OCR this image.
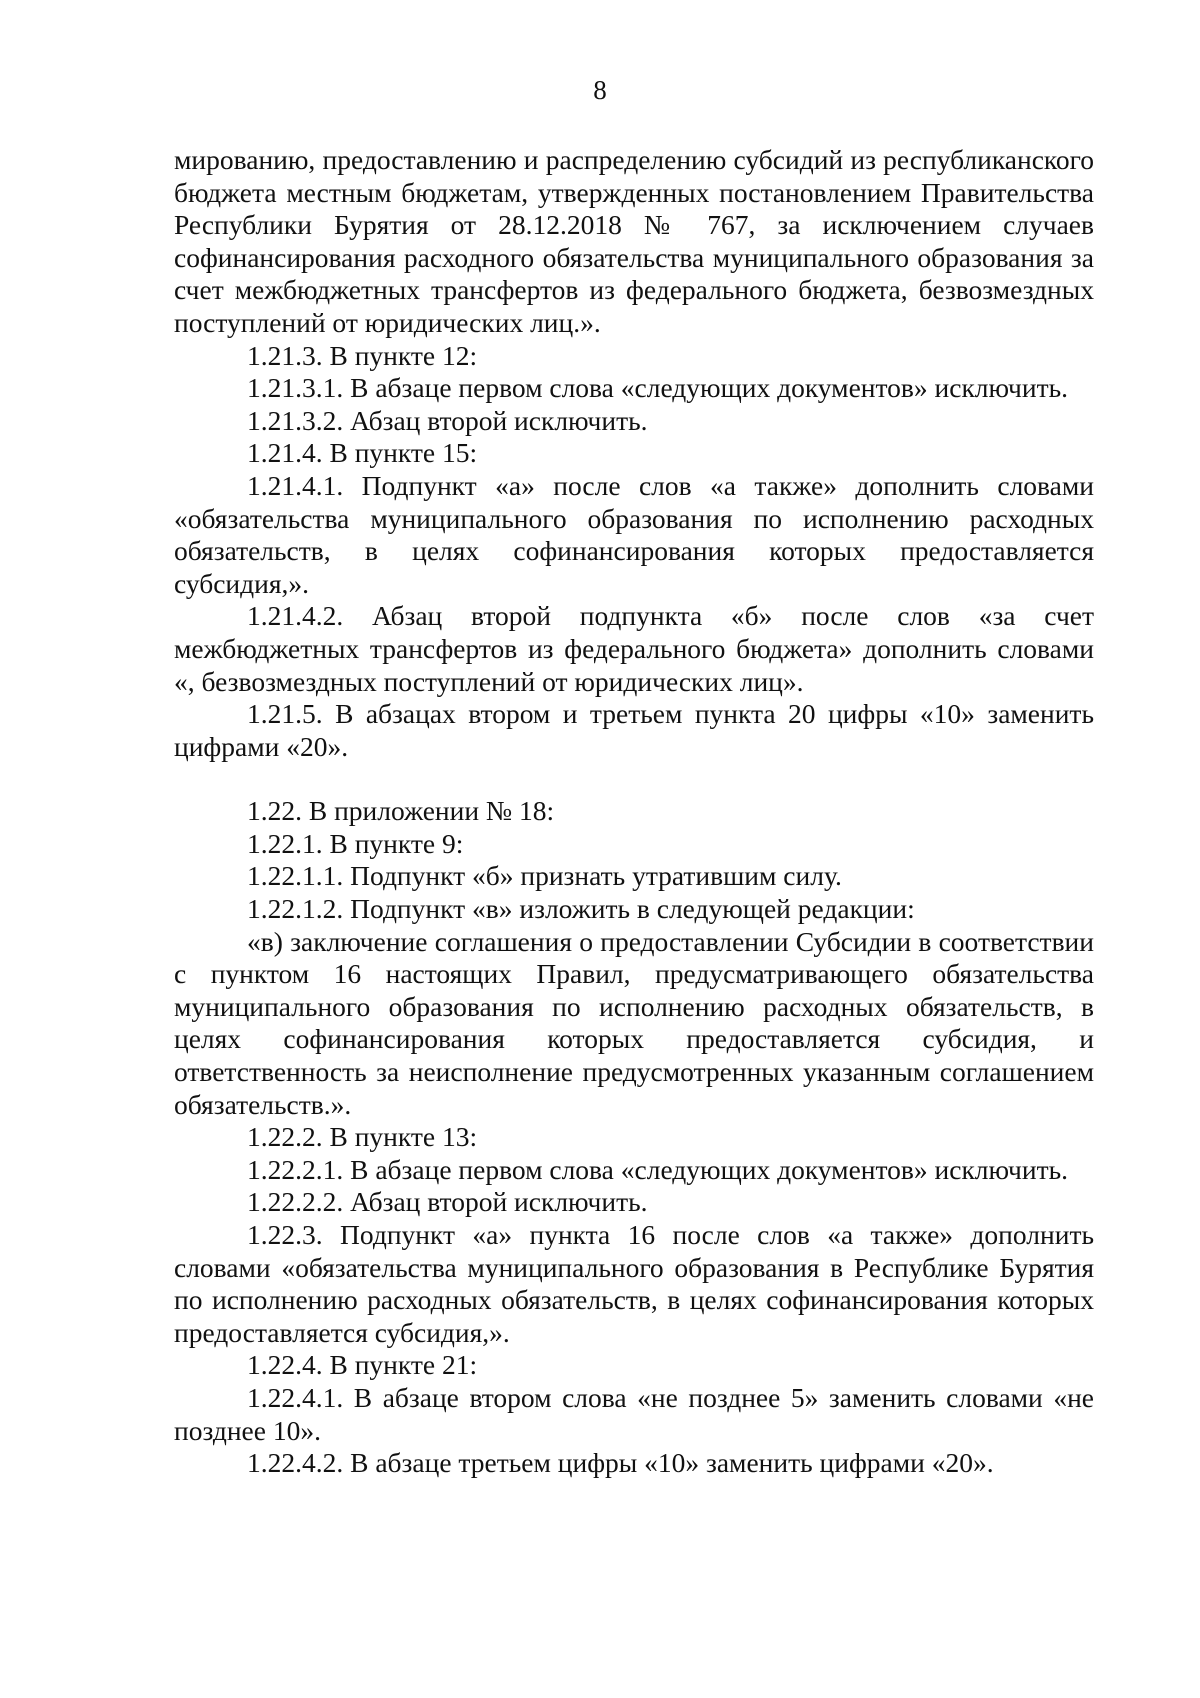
8

мированию, предоставлению и распределению субсидий из республиканского бюджета местным бюджетам, утвержденных постановлением Правительства Республики Бурятия от 28.12.2018 № 767, за исключением случаев софинансирования расходного обязательства муниципального образования за счет межбюджетных трансфертов из федерального бюджета, безвозмездных поступлений от юридических лиц.».

1.21.3. В пункте 12:

1.21.3.1. В абзаце первом слова «следующих документов» исключить.

1.21.3.2. Абзац второй исключить.

1.21.4. В пункте 15:

1.21.4.1. Подпункт «а» после слов «а также» дополнить словами «обязательства муниципального образования по исполнению расходных обязательств, в целях софинансирования которых предоставляется субсидия,».

1.21.4.2. Абзац второй подпункта «б» после слов «за счет межбюджетных трансфертов из федерального бюджета» дополнить словами «, безвозмездных поступлений от юридических лиц».

1.21.5. В абзацах втором и третьем пункта 20 цифры «10» заменить цифрами «20».

1.22. В приложении № 18:

1.22.1. В пункте 9:

1.22.1.1. Подпункт «б» признать утратившим силу.

1.22.1.2. Подпункт «в» изложить в следующей редакции:

«в) заключение соглашения о предоставлении Субсидии в соответствии с пунктом 16 настоящих Правил, предусматривающего обязательства муниципального образования по исполнению расходных обязательств, в целях софинансирования которых предоставляется субсидия, и ответственность за неисполнение предусмотренных указанным соглашением обязательств.».

1.22.2. В пункте 13:

1.22.2.1. В абзаце первом слова «следующих документов» исключить.

1.22.2.2. Абзац второй исключить.

1.22.3. Подпункт «а» пункта 16 после слов «а также» дополнить словами «обязательства муниципального образования в Республике Бурятия по исполнению расходных обязательств, в целях софинансирования которых предоставляется субсидия,».

1.22.4. В пункте 21:

1.22.4.1. В абзаце втором слова «не позднее 5» заменить словами «не позднее 10».

1.22.4.2. В абзаце третьем цифры «10» заменить цифрами «20».
